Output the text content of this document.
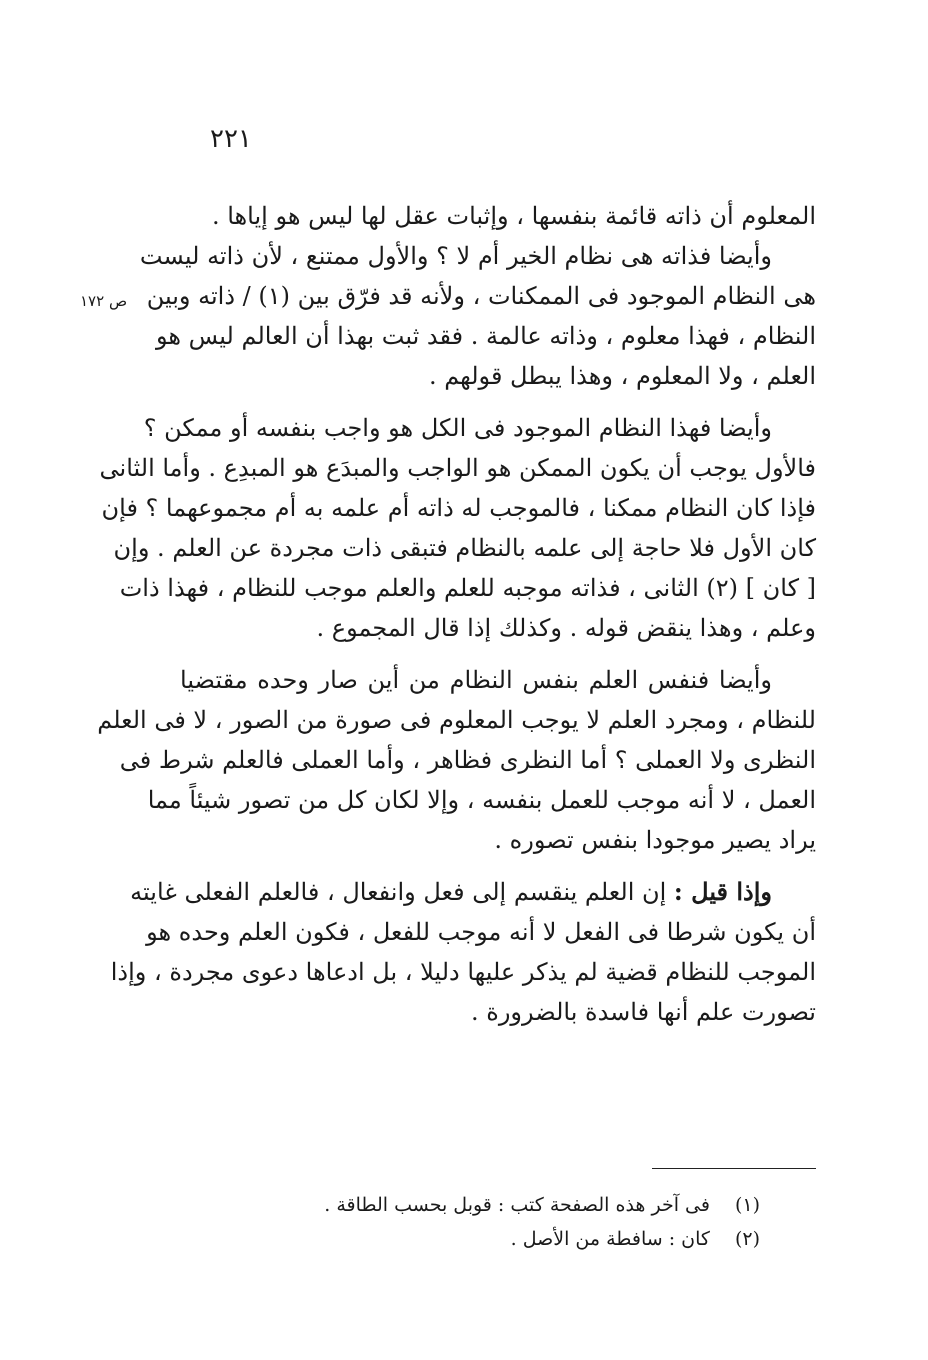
٢٢١
ص ١٧٢
المعلوم أن ذاته قائمة بنفسها ، وإثبات عقل لها ليس هو إياها .
وأيضا فذاته هى نظام الخير أم لا ؟ والأول ممتنع ، لأن ذاته ليست
هى النظام الموجود فى الممكنات ، ولأنه قد فرّق بين (١) / ذاته وبين
النظام ، فهذا معلوم ، وذاته عالمة . فقد ثبت بهذا أن العالم ليس هو
العلم ، ولا المعلوم ، وهذا يبطل قولهم .
وأيضا فهذا النظام الموجود فى الكل هو واجب بنفسه أو ممكن ؟
فالأول يوجب أن يكون الممكن هو الواجب والمبدَع هو المبدِع . وأما الثانى
فإذا كان النظام ممكنا ، فالموجب له ذاته أم علمه به أم مجموعهما ؟ فإن
كان الأول فلا حاجة إلى علمه بالنظام فتبقى ذات مجردة عن العلم . وإن
[ كان ] (٢) الثانى ، فذاته موجبه للعلم والعلم موجب للنظام ، فهذا ذات
وعلم ، وهذا ينقض قوله . وكذلك إذا قال المجموع .
وأيضا فنفس العلم بنفس النظام من أين صار وحده مقتضيا
للنظام ، ومجرد العلم لا يوجب المعلوم فى صورة من الصور ، لا فى العلم
النظرى ولا العملى ؟ أما النظرى فظاهر ، وأما العملى فالعلم شرط فى
العمل ، لا أنه موجب للعمل بنفسه ، وإلا لكان كل من تصور شيئاً مما
يراد يصير موجودا بنفس تصوره .
وإذا قيل : إن العلم ينقسم إلى فعل وانفعال ، فالعلم الفعلى غايته
أن يكون شرطا فى الفعل لا أنه موجب للفعل ، فكون العلم وحده هو
الموجب للنظام قضية لم يذكر عليها دليلا ، بل ادعاها دعوى مجردة ، وإذا
تصورت علم أنها فاسدة بالضرورة .
(١) فى آخر هذه الصفحة كتب : قوبل بحسب الطاقة .
(٢) كان : سافطة من الأصل .
